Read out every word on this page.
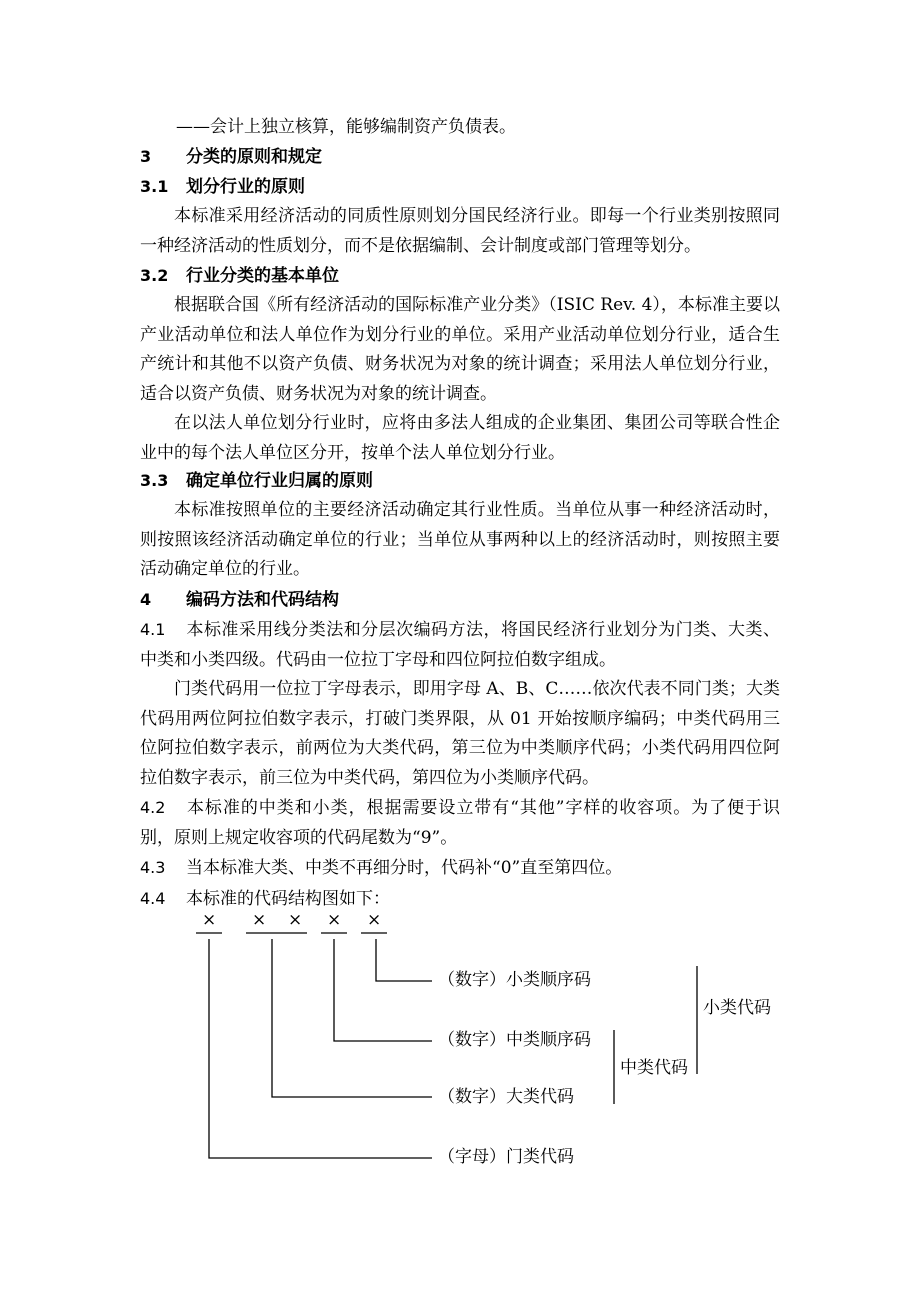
——会计上独立核算，能够编制资产负债表。
3 分类的原则和规定
3.1 划分行业的原则

本标准采用经济活动的同质性原则划分国民经济行业。即每一个行业类别按照同一种经济活动的性质划分，而不是依据编制、会计制度或部门管理等划分。

3.2 行业分类的基本单位

根据联合国《所有经济活动的国际标准产业分类》（ISIC Rev. 4），本标准主要以产业活动单位和法人单位作为划分行业的单位。采用产业活动单位划分行业，适合生产统计和其他不以资产负债、财务状况为对象的统计调查；采用法人单位划分行业，适合以资产负债、财务状况为对象的统计调查。

在以法人单位划分行业时，应将由多法人组成的企业集团、集团公司等联合性企业中的每个法人单位区分开，按单个法人单位划分行业。

3.3 确定单位行业归属的原则

本标准按照单位的主要经济活动确定其行业性质。当单位从事一种经济活动时，则按照该经济活动确定单位的行业；当单位从事两种以上的经济活动时，则按照主要活动确定单位的行业。

4 编码方法和代码结构

4.1 本标准采用线分类法和分层次编码方法，将国民经济行业划分为门类、大类、中类和小类四级。代码由一位拉丁字母和四位阿拉伯数字组成。

门类代码用一位拉丁字母表示，即用字母 A、B、C……依次代表不同门类；大类代码用两位阿拉伯数字表示，打破门类界限，从 01 开始按顺序编码；中类代码用三位阿拉伯数字表示，前两位为大类代码，第三位为中类顺序代码；小类代码用四位阿拉伯数字表示，前三位为中类代码，第四位为小类顺序代码。

4.2 本标准的中类和小类，根据需要设立带有“其他”字样的收容项。为了便于识别，原则上规定收容项的代码尾数为“9”。

4.3 当本标准大类、中类不再细分时，代码补“0”直至第四位。

4.4 本标准的代码结构图如下：

× × × × ×
（数字）小类顺序码
（数字）中类顺序码
（数字）大类代码
（字母）门类代码
中类代码
小类代码
